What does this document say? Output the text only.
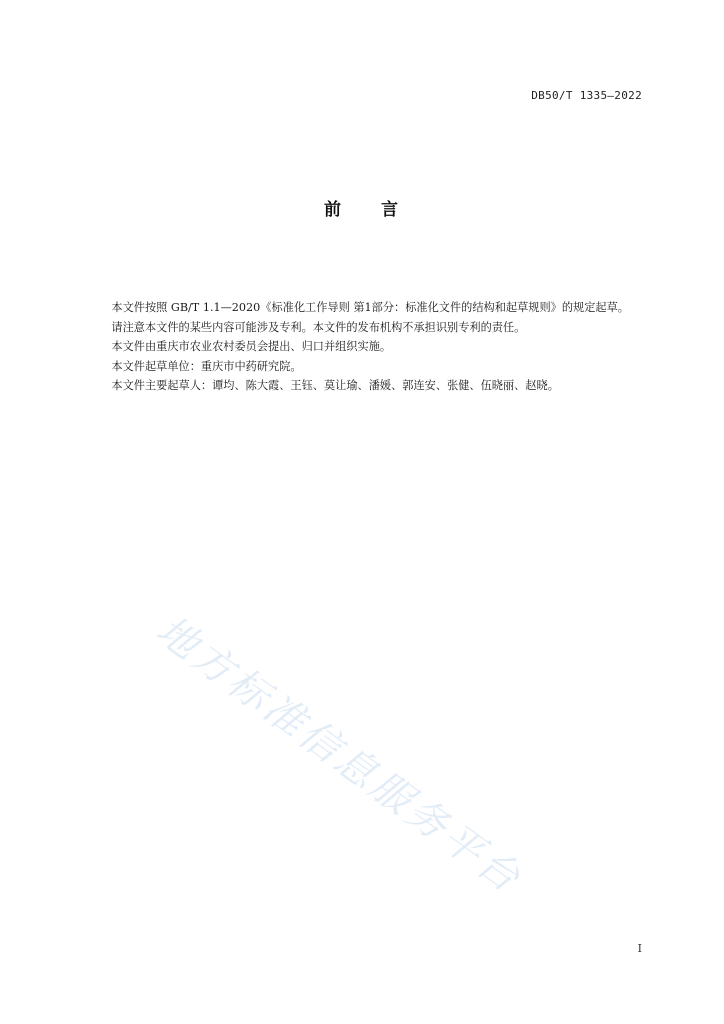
DB50/T 1335—2022
前 言

本文件按照 GB/T 1.1—2020《标准化工作导则 第1部分：标准化文件的结构和起草规则》的规定起草。

请注意本文件的某些内容可能涉及专利。本文件的发布机构不承担识别专利的责任。

本文件由重庆市农业农村委员会提出、归口并组织实施。

本文件起草单位：重庆市中药研究院。

本文件主要起草人：谭均、陈大霞、王钰、莫让瑜、潘媛、郭连安、张健、伍晓丽、赵晓。

地方标准信息服务平台
I
